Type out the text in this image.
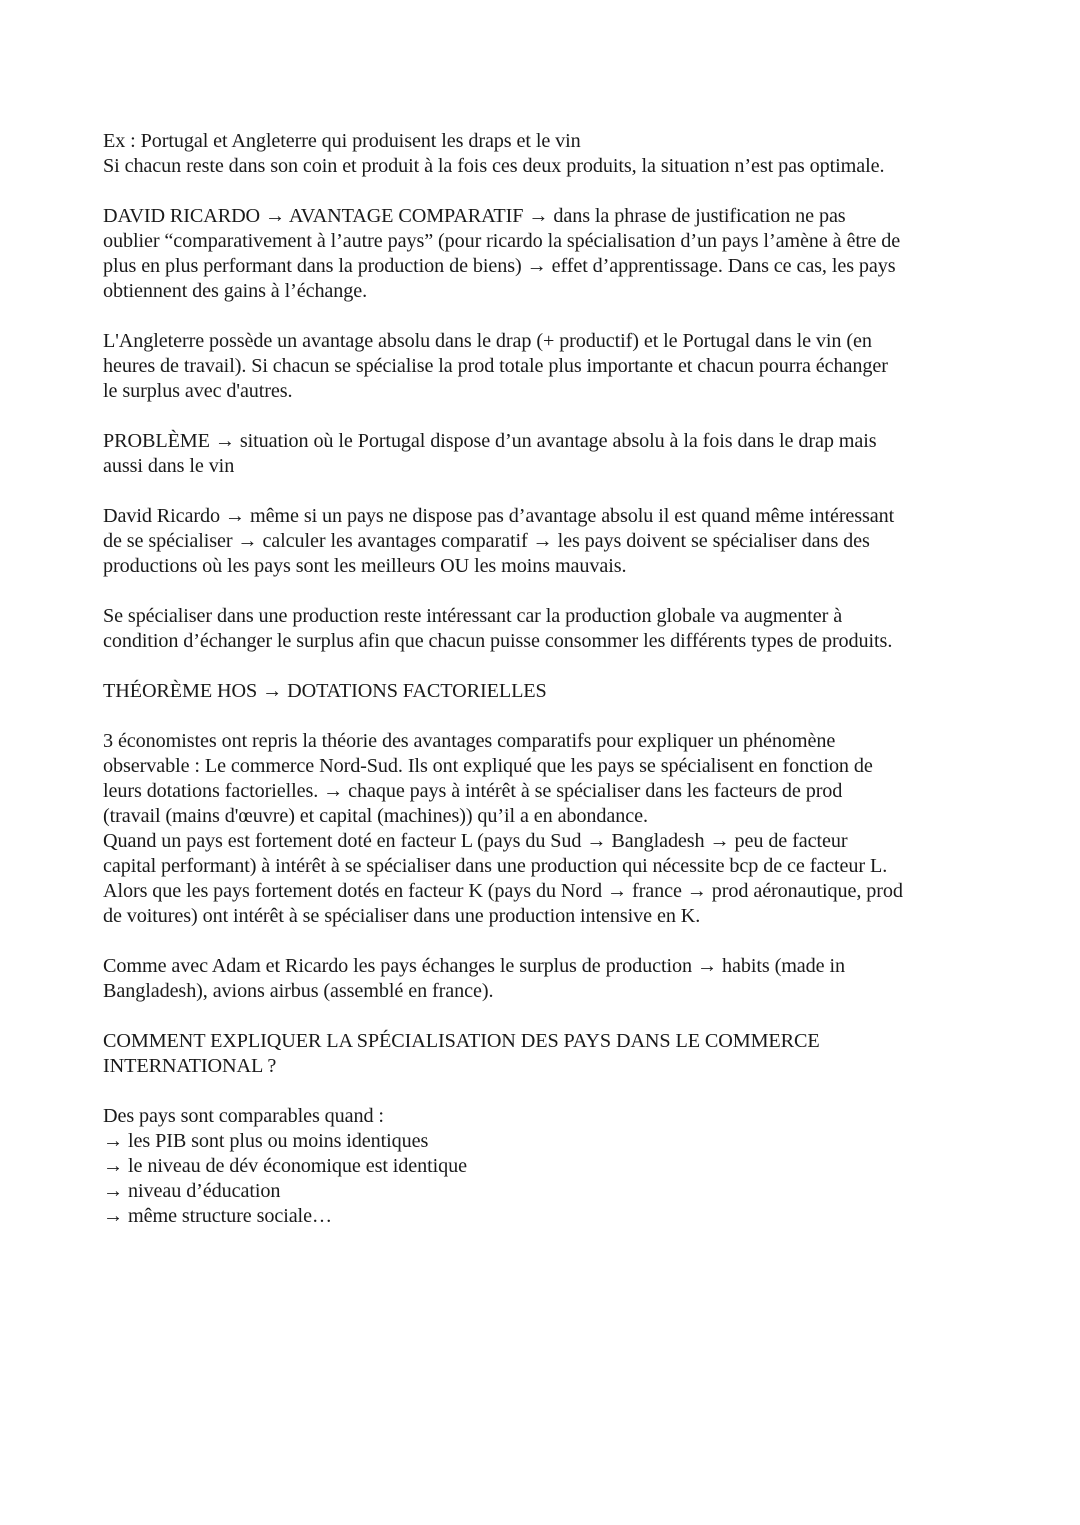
Ex : Portugal et Angleterre qui produisent les draps et le vin
Si chacun reste dans son coin et produit à la fois ces deux produits, la situation n’est pas optimale.
DAVID RICARDO → AVANTAGE COMPARATIF → dans la phrase de justification ne pas
oublier “comparativement à l’autre pays” (pour ricardo la spécialisation d’un pays l’amène à être de
plus en plus performant dans la production de biens) → effet d’apprentissage. Dans ce cas, les pays
obtiennent des gains à l’échange.
L'Angleterre possède un avantage absolu dans le drap (+ productif) et le Portugal dans le vin (en
heures de travail). Si chacun se spécialise la prod totale plus importante et chacun pourra échanger
le surplus avec d'autres.
PROBLÈME → situation où le Portugal dispose d’un avantage absolu à la fois dans le drap mais
aussi dans le vin
David Ricardo → même si un pays ne dispose pas d’avantage absolu il est quand même intéressant
de se spécialiser → calculer les avantages comparatif → les pays doivent se spécialiser dans des
productions où les pays sont les meilleurs OU les moins mauvais.
Se spécialiser dans une production reste intéressant car la production globale va augmenter à
condition d’échanger le surplus afin que chacun puisse consommer les différents types de produits.
THÉORÈME HOS → DOTATIONS FACTORIELLES
3 économistes ont repris la théorie des avantages comparatifs pour expliquer un phénomène
observable : Le commerce Nord-Sud. Ils ont expliqué que les pays se spécialisent en fonction de
leurs dotations factorielles. → chaque pays à intérêt à se spécialiser dans les facteurs de prod
(travail (mains d'œuvre) et capital (machines)) qu’il a en abondance.
Quand un pays est fortement doté en facteur L (pays du Sud → Bangladesh → peu de facteur
capital performant) à intérêt à se spécialiser dans une production qui nécessite bcp de ce facteur L.
Alors que les pays fortement dotés en facteur K (pays du Nord → france → prod aéronautique, prod
de voitures) ont intérêt à se spécialiser dans une production intensive en K.
Comme avec Adam et Ricardo les pays échanges le surplus de production → habits (made in
Bangladesh), avions airbus (assemblé en france).
COMMENT EXPLIQUER LA SPÉCIALISATION DES PAYS DANS LE COMMERCE
INTERNATIONAL ?
Des pays sont comparables quand :
→ les PIB sont plus ou moins identiques
→ le niveau de dév économique est identique
→ niveau d’éducation
→ même structure sociale…
